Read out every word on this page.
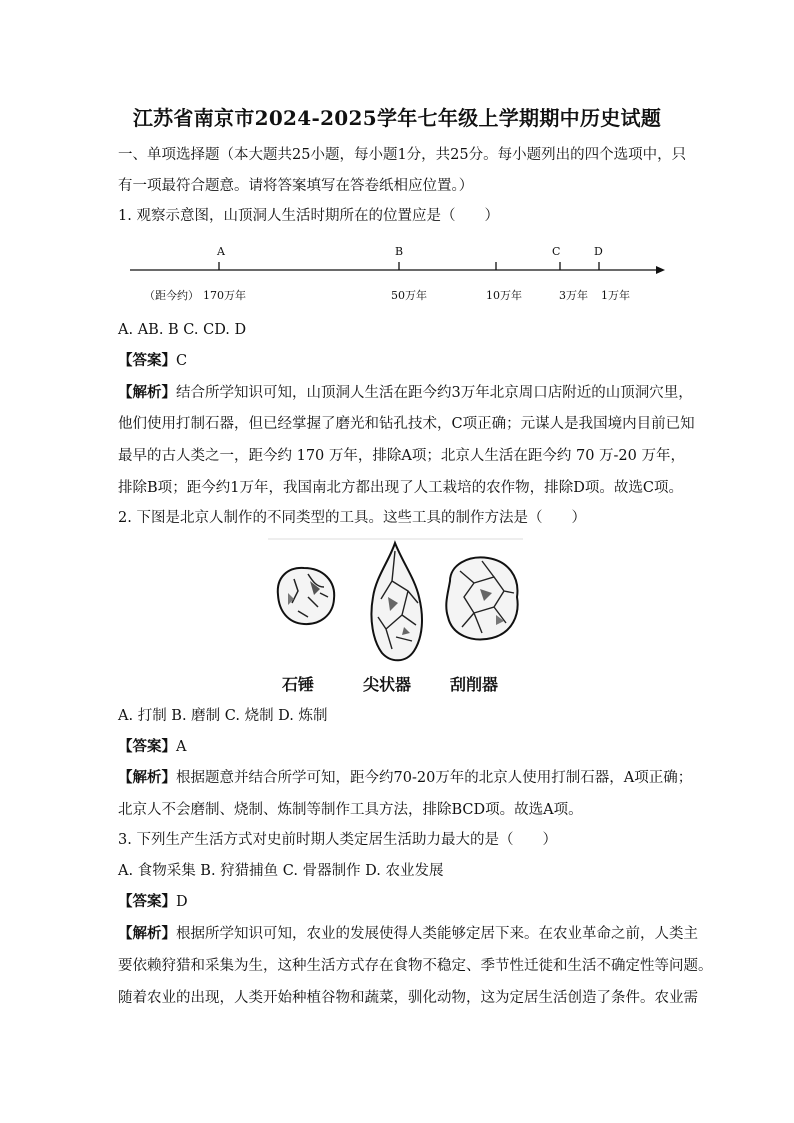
江苏省南京市2024-2025学年七年级上学期期中历史试题
一、单项选择题（本大题共25小题，每小题1分，共25分。每小题列出的四个选项中，只
有一项最符合题意。请将答案填写在答卷纸相应位置。）
1. 观察示意图，山顶洞人生活时期所在的位置应是（　　）
A	B	C	D
（距今约） 170万年	50万年	10万年	3万年 1万年
A. AB. B C. CD. D
【答案】C
【解析】结合所学知识可知，山顶洞人生活在距今约3万年北京周口店附近的山顶洞穴里，
他们使用打制石器，但已经掌握了磨光和钻孔技术，C项正确；元谋人是我国境内目前已知
最早的古人类之一，距今约 170 万年，排除A项；北京人生活在距今约 70 万-20 万年，
排除B项；距今约1万年，我国南北方都出现了人工栽培的农作物，排除D项。故选C项。
2. 下图是北京人制作的不同类型的工具。这些工具的制作方法是（　　）
石锤	尖状器 刮削器
A. 打制 B. 磨制 C. 烧制 D. 炼制
【答案】A
【解析】根据题意并结合所学可知，距今约70-20万年的北京人使用打制石器，A项正确；
北京人不会磨制、烧制、炼制等制作工具方法，排除BCD项。故选A项。
3. 下列生产生活方式对史前时期人类定居生活助力最大的是（　　）
A. 食物采集 B. 狩猎捕鱼 C. 骨器制作 D. 农业发展
【答案】D
【解析】根据所学知识可知，农业的发展使得人类能够定居下来。在农业革命之前，人类主
要依赖狩猎和采集为生，这种生活方式存在食物不稳定、季节性迁徙和生活不确定性等问题。
随着农业的出现，人类开始种植谷物和蔬菜，驯化动物，这为定居生活创造了条件。农业需
